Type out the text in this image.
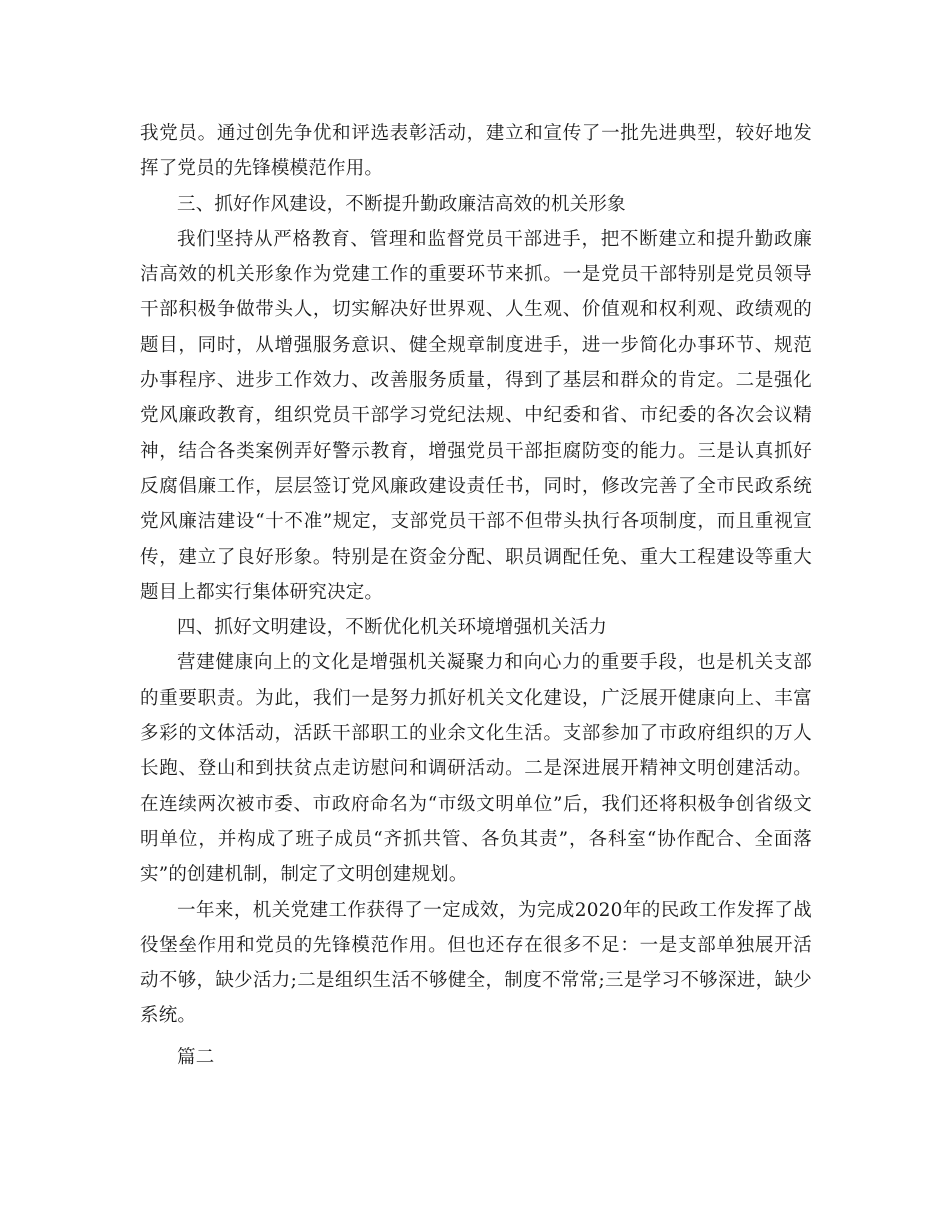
我党员。通过创先争优和评选表彰活动，建立和宣传了一批先进典型，较好地发挥了党员的先锋模模范作用。

三、抓好作风建设，不断提升勤政廉洁高效的机关形象

我们坚持从严格教育、管理和监督党员干部进手，把不断建立和提升勤政廉洁高效的机关形象作为党建工作的重要环节来抓。一是党员干部特别是党员领导干部积极争做带头人，切实解决好世界观、人生观、价值观和权利观、政绩观的题目，同时，从增强服务意识、健全规章制度进手，进一步简化办事环节、规范办事程序、进步工作效力、改善服务质量，得到了基层和群众的肯定。二是强化党风廉政教育，组织党员干部学习党纪法规、中纪委和省、市纪委的各次会议精神，结合各类案例弄好警示教育，增强党员干部拒腐防变的能力。三是认真抓好反腐倡廉工作，层层签订党风廉政建设责任书，同时，修改完善了全市民政系统党风廉洁建设“十不准”规定，支部党员干部不但带头执行各项制度，而且重视宣传，建立了良好形象。特别是在资金分配、职员调配任免、重大工程建设等重大题目上都实行集体研究决定。

四、抓好文明建设，不断优化机关环境增强机关活力

营建健康向上的文化是增强机关凝聚力和向心力的重要手段，也是机关支部的重要职责。为此，我们一是努力抓好机关文化建设，广泛展开健康向上、丰富多彩的文体活动，活跃干部职工的业余文化生活。支部参加了市政府组织的万人长跑、登山和到扶贫点走访慰问和调研活动。二是深进展开精神文明创建活动。在连续两次被市委、市政府命名为“市级文明单位”后，我们还将积极争创省级文明单位，并构成了班子成员“齐抓共管、各负其责”，各科室“协作配合、全面落实”的创建机制，制定了文明创建规划。

一年来，机关党建工作获得了一定成效，为完成2020年的民政工作发挥了战役堡垒作用和党员的先锋模范作用。但也还存在很多不足：一是支部单独展开活动不够，缺少活力;二是组织生活不够健全，制度不常常;三是学习不够深进，缺少系统。

篇二
